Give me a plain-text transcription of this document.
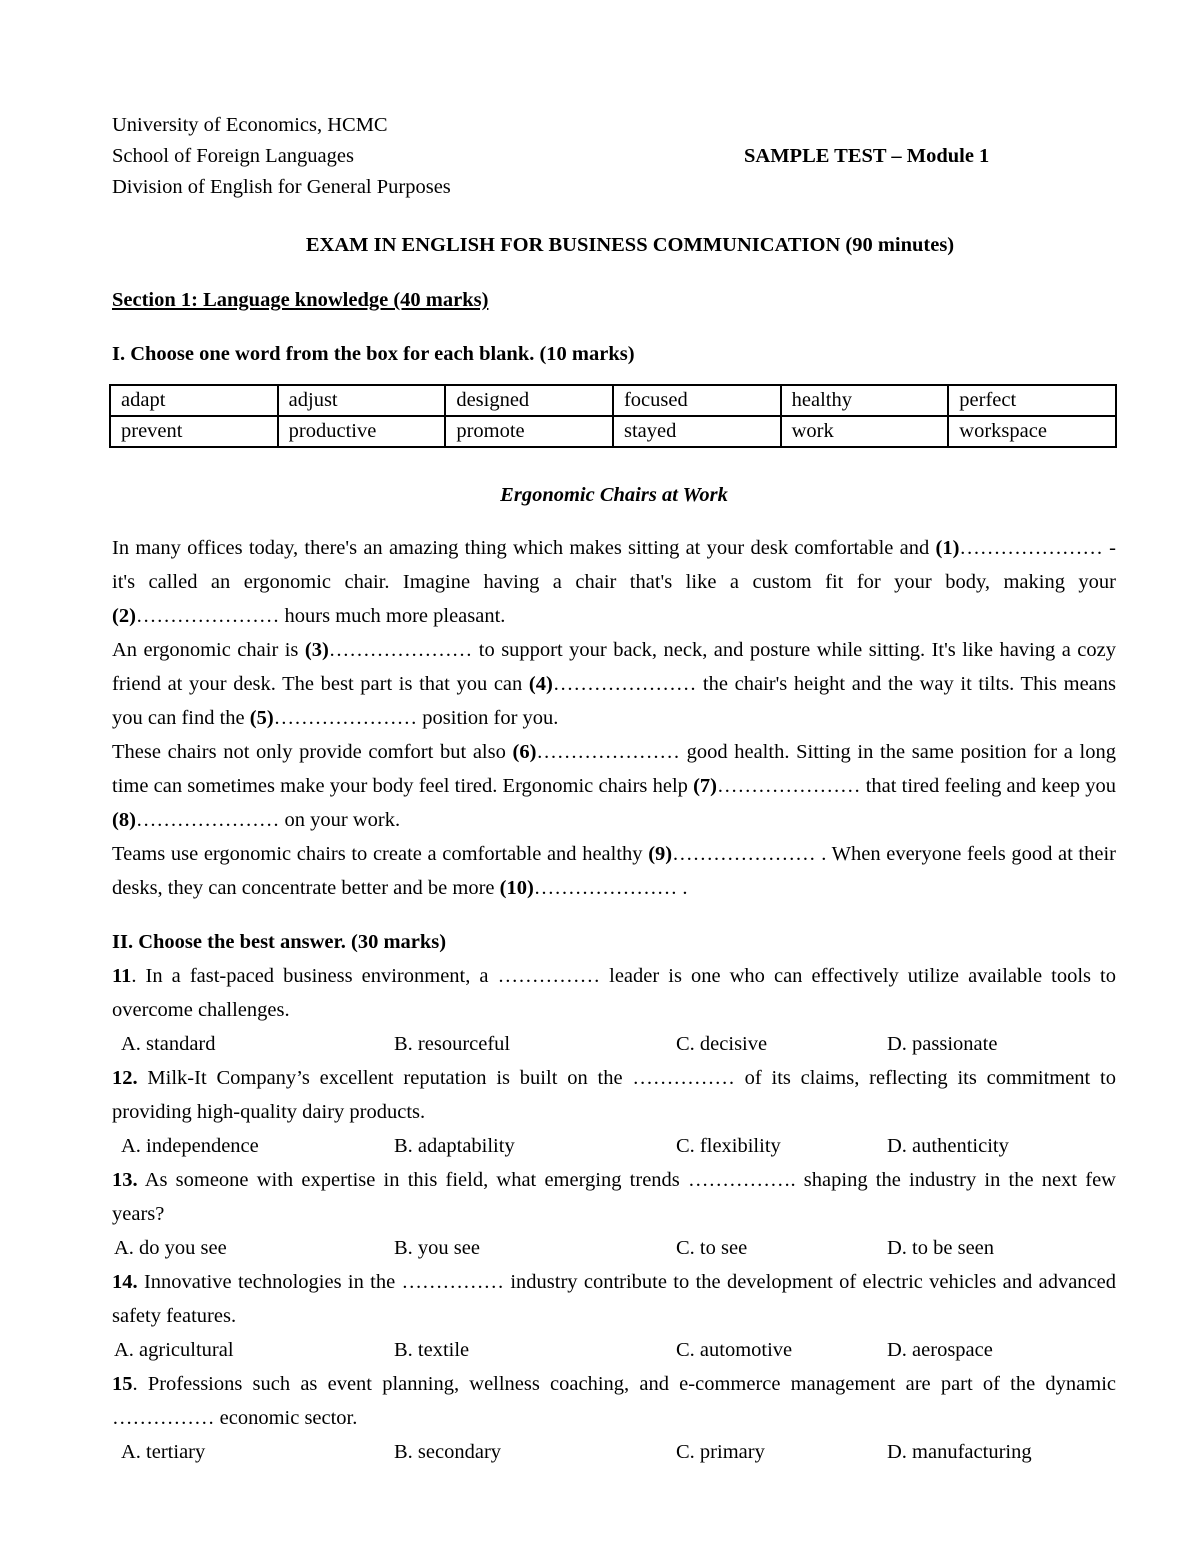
University of Economics, HCMC
School of Foreign Languages
Division of English for General Purposes
SAMPLE TEST – Module 1
EXAM IN ENGLISH FOR BUSINESS COMMUNICATION (90 minutes)
Section 1: Language knowledge (40 marks)
I. Choose one word from the box for each blank. (10 marks)
adapt	adjust	designed	focused	healthy	perfect
prevent	productive	promote	stayed	work	workspace
Ergonomic Chairs at Work

In many offices today, there's an amazing thing which makes sitting at your desk comfortable and (1)………………… - it's called an ergonomic chair. Imagine having a chair that's like a custom fit for your body, making your (2)………………… hours much more pleasant.

An ergonomic chair is (3)………………… to support your back, neck, and posture while sitting. It's like having a cozy friend at your desk. The best part is that you can (4)………………… the chair's height and the way it tilts. This means you can find the (5)………………… position for you.

These chairs not only provide comfort but also (6)………………… good health. Sitting in the same position for a long time can sometimes make your body feel tired. Ergonomic chairs help (7)………………… that tired feeling and keep you (8)………………… on your work.

Teams use ergonomic chairs to create a comfortable and healthy (9)………………… . When everyone feels good at their desks, they can concentrate better and be more (10)………………… .

II. Choose the best answer. (30 marks)
11. In a fast-paced business environment, a …………… leader is one who can effectively utilize available tools to overcome challenges.
A. standard	B. resourceful	C. decisive	D. passionate
12. Milk-It Company’s excellent reputation is built on the …………… of its claims, reflecting its commitment to providing high-quality dairy products.
A. independence	B. adaptability	C. flexibility	D. authenticity
13. As someone with expertise in this field, what emerging trends ……………. shaping the industry in the next few years?
A. do you see	B. you see	C. to see	D. to be seen
14. Innovative technologies in the …………… industry contribute to the development of electric vehicles and advanced safety features.
A. agricultural	B. textile	C. automotive	D. aerospace
15. Professions such as event planning, wellness coaching, and e-commerce management are part of the dynamic …………… economic sector.
A. tertiary	B. secondary	C. primary	D. manufacturing
